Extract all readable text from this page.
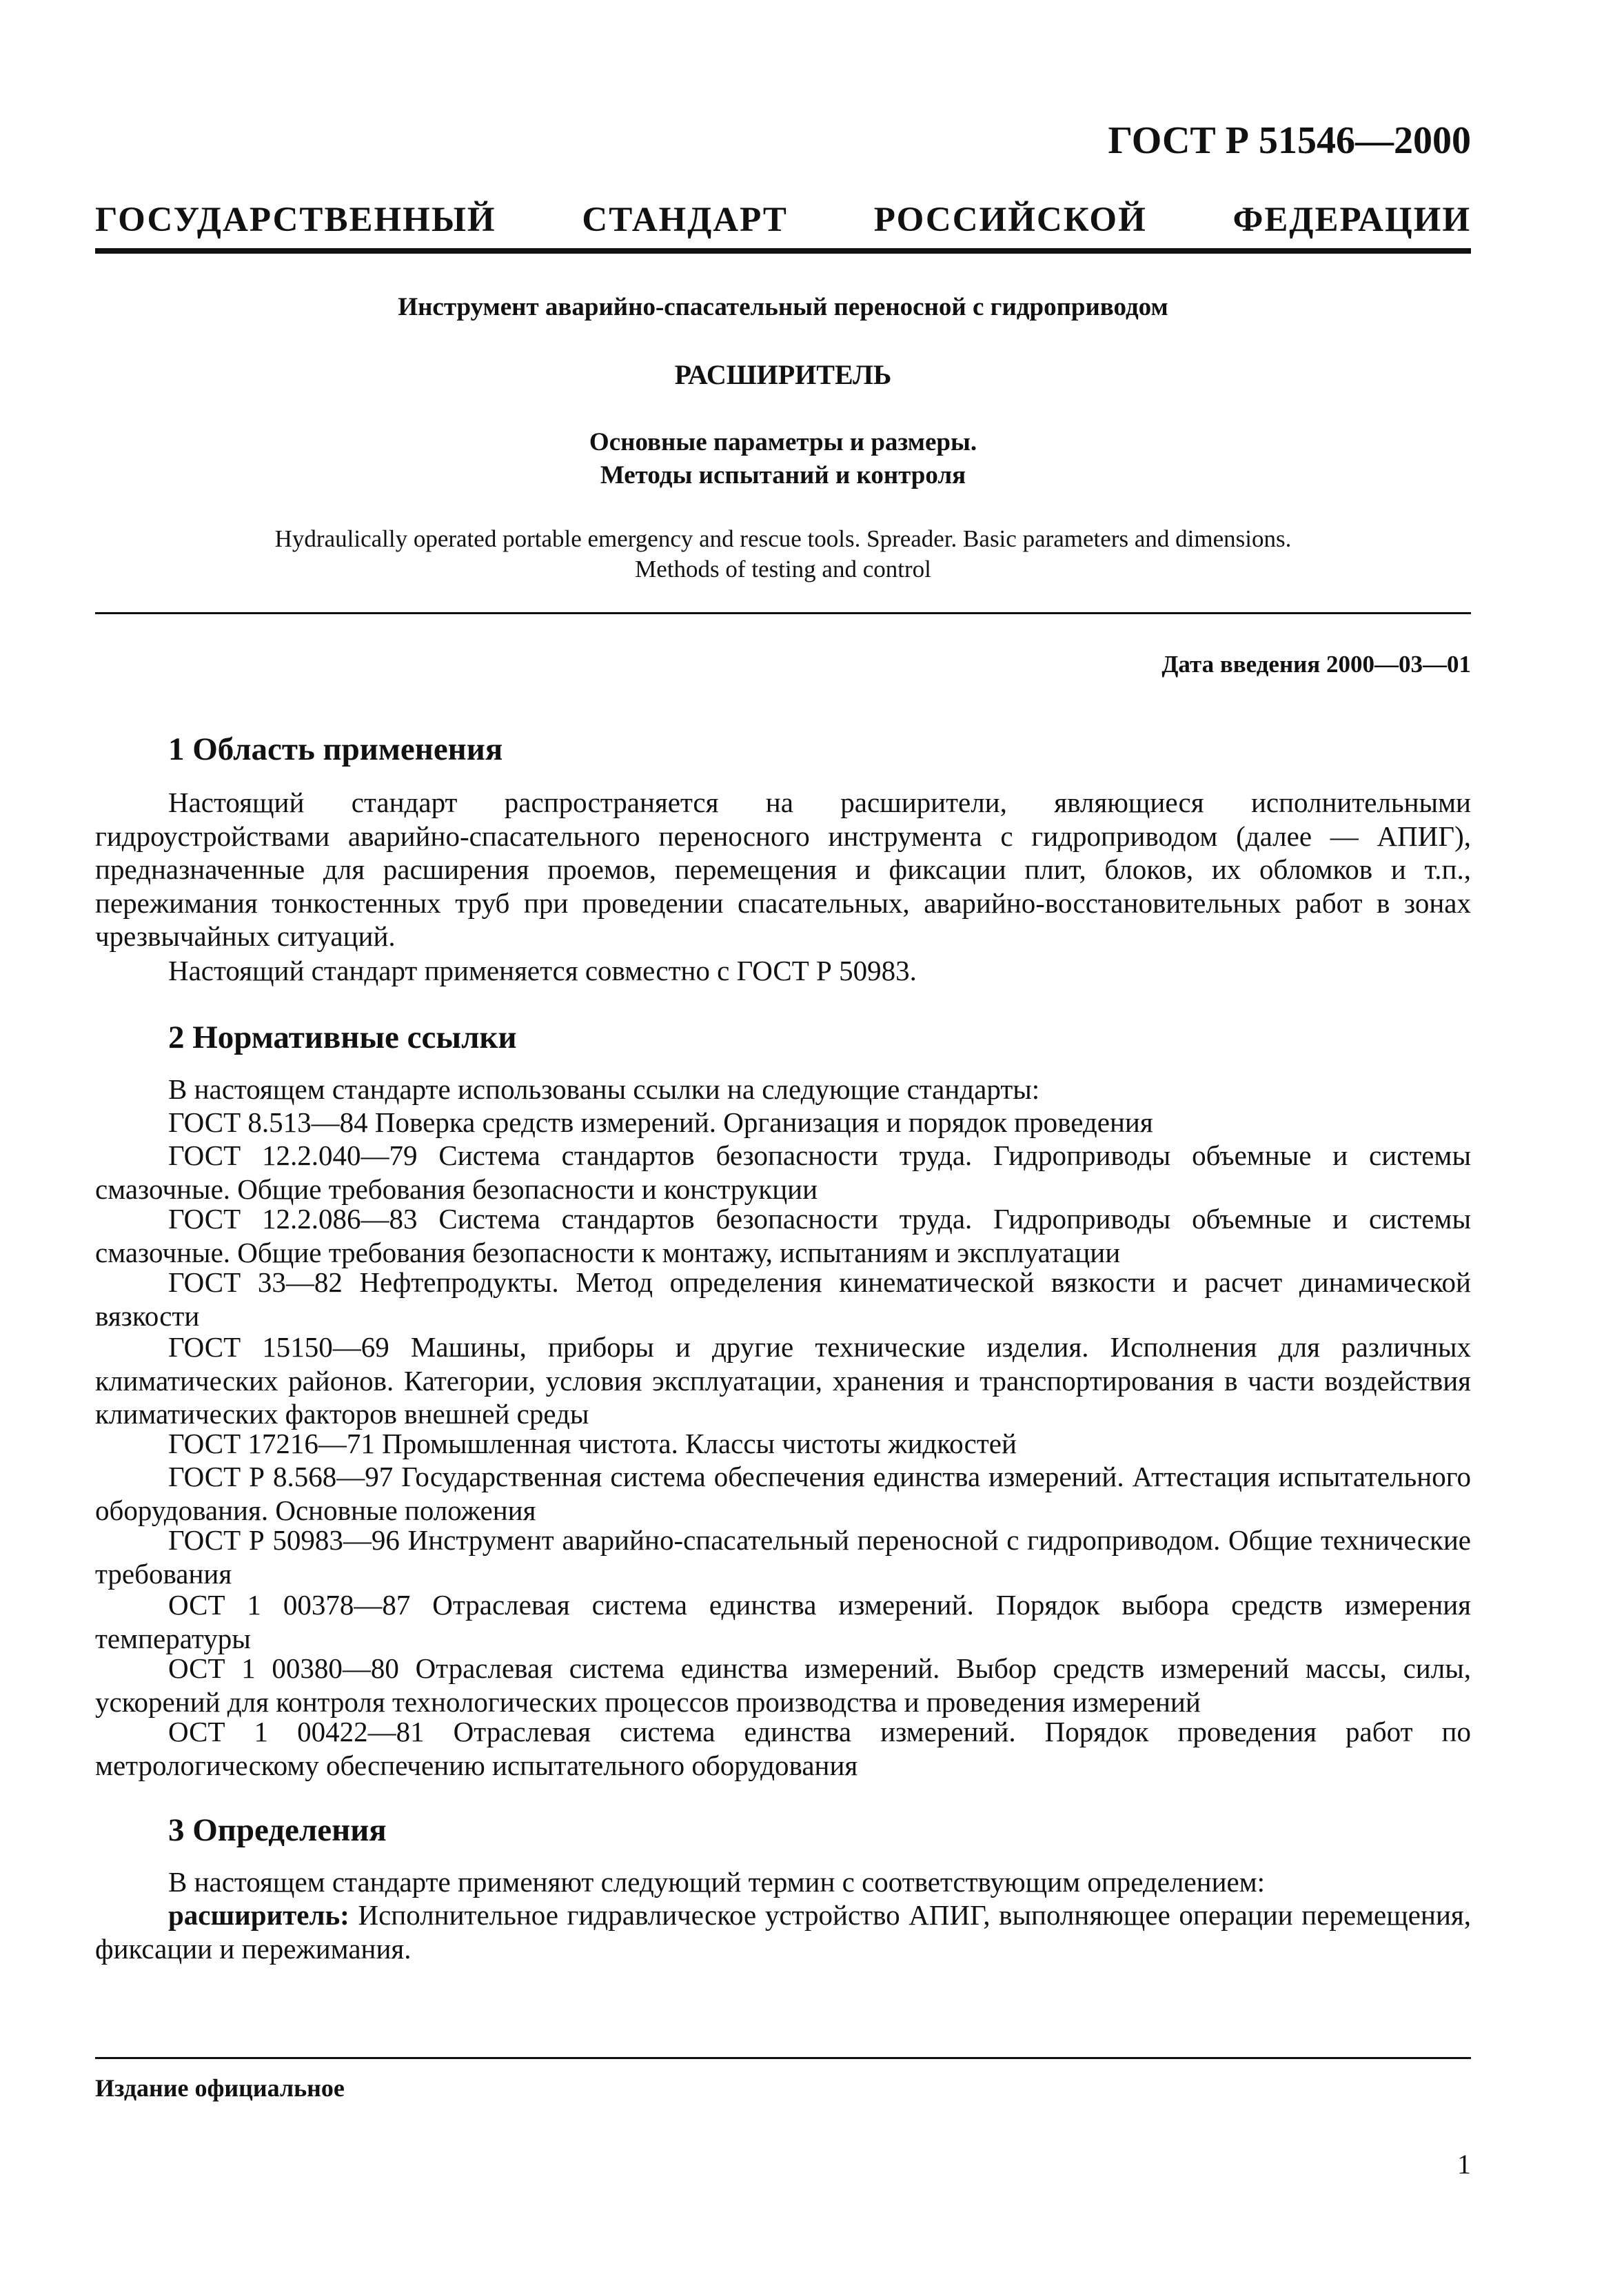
ГОСТ Р 51546—2000
ГОСУДАРСТВЕННЫЙ СТАНДАРТ РОССИЙСКОЙ ФЕДЕРАЦИИ
Инструмент аварийно-спасательный переносной с гидроприводом
РАСШИРИТЕЛЬ
Основные параметры и размеры.
Методы испытаний и контроля
Hydraulically operated portable emergency and rescue tools. Spreader. Basic parameters and dimensions.
Methods of testing and control
Дата введения 2000—03—01
1 Область применения

Настоящий стандарт распространяется на расширители, являющиеся исполнительными гидроустройствами аварийно-спасательного переносного инструмента с гидроприводом (далее — АПИГ), предназначенные для расширения проемов, перемещения и фиксации плит, блоков, их обломков и т.п., пережимания тонкостенных труб при проведении спасательных, аварийно-восстановительных работ в зонах чрезвычайных ситуаций.

Настоящий стандарт применяется совместно с ГОСТ Р 50983.

2 Нормативные ссылки

В настоящем стандарте использованы ссылки на следующие стандарты:

ГОСТ 8.513—84 Поверка средств измерений. Организация и порядок проведения

ГОСТ 12.2.040—79 Система стандартов безопасности труда. Гидроприводы объемные и системы смазочные. Общие требования безопасности и конструкции

ГОСТ 12.2.086—83 Система стандартов безопасности труда. Гидроприводы объемные и системы смазочные. Общие требования безопасности к монтажу, испытаниям и эксплуатации

ГОСТ 33—82 Нефтепродукты. Метод определения кинематической вязкости и расчет динамической вязкости

ГОСТ 15150—69 Машины, приборы и другие технические изделия. Исполнения для различных климатических районов. Категории, условия эксплуатации, хранения и транспортирования в части воздействия климатических факторов внешней среды

ГОСТ 17216—71 Промышленная чистота. Классы чистоты жидкостей

ГОСТ Р 8.568—97 Государственная система обеспечения единства измерений. Аттестация испытательного оборудования. Основные положения

ГОСТ Р 50983—96 Инструмент аварийно-спасательный переносной с гидроприводом. Общие технические требования

ОСТ 1 00378—87 Отраслевая система единства измерений. Порядок выбора средств измерения температуры

ОСТ 1 00380—80 Отраслевая система единства измерений. Выбор средств измерений массы, силы, ускорений для контроля технологических процессов производства и проведения измерений

ОСТ 1 00422—81 Отраслевая система единства измерений. Порядок проведения работ по метрологическому обеспечению испытательного оборудования

3 Определения

В настоящем стандарте применяют следующий термин с соответствующим определением:

расширитель: Исполнительное гидравлическое устройство АПИГ, выполняющее операции перемещения, фиксации и пережимания.

Издание официальное
1
